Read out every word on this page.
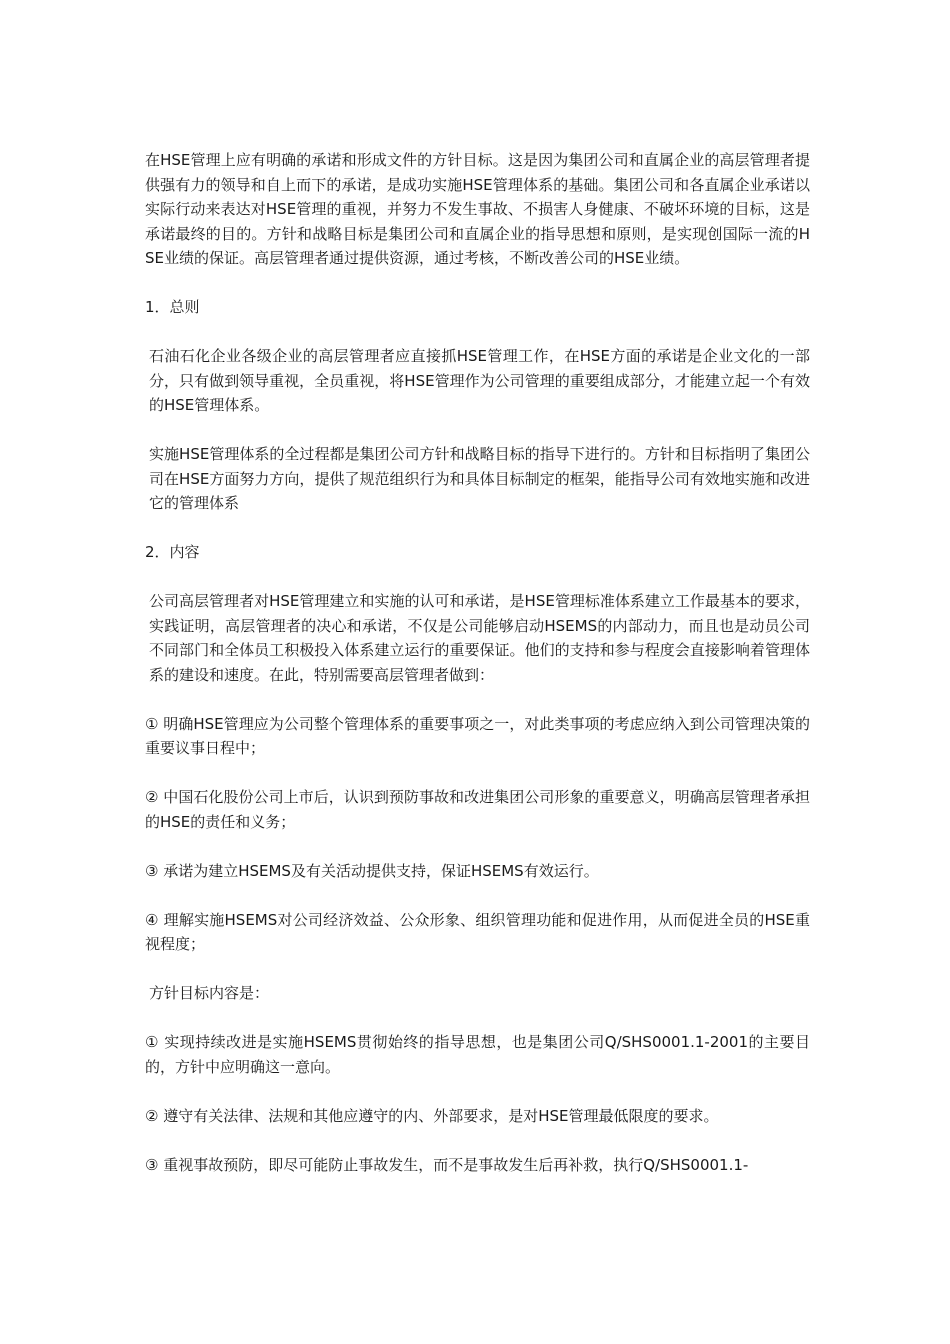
在HSE管理上应有明确的承诺和形成文件的方针目标。这是因为集团公司和直属企业的高层管理者提供强有力的领导和自上而下的承诺，是成功实施HSE管理体系的基础。集团公司和各直属企业承诺以实际行动来表达对HSE管理的重视，并努力不发生事故、不损害人身健康、不破坏环境的目标，这是承诺最终的目的。方针和战略目标是集团公司和直属企业的指导思想和原则，是实现创国际一流的HSE业绩的保证。高层管理者通过提供资源，通过考核，不断改善公司的HSE业绩。

1．总则

石油石化企业各级企业的高层管理者应直接抓HSE管理工作，在HSE方面的承诺是企业文化的一部分，只有做到领导重视，全员重视，将HSE管理作为公司管理的重要组成部分，才能建立起一个有效的HSE管理体系。

实施HSE管理体系的全过程都是集团公司方针和战略目标的指导下进行的。方针和目标指明了集团公司在HSE方面努力方向，提供了规范组织行为和具体目标制定的框架，能指导公司有效地实施和改进它的管理体系

2．内容

公司高层管理者对HSE管理建立和实施的认可和承诺，是HSE管理标准体系建立工作最基本的要求，实践证明，高层管理者的决心和承诺，不仅是公司能够启动HSEMS的内部动力，而且也是动员公司不同部门和全体员工积极投入体系建立运行的重要保证。他们的支持和参与程度会直接影响着管理体系的建设和速度。在此，特别需要高层管理者做到：

① 明确HSE管理应为公司整个管理体系的重要事项之一，对此类事项的考虑应纳入到公司管理决策的重要议事日程中；

② 中国石化股份公司上市后，认识到预防事故和改进集团公司形象的重要意义，明确高层管理者承担的HSE的责任和义务；

③ 承诺为建立HSEMS及有关活动提供支持，保证HSEMS有效运行。

④ 理解实施HSEMS对公司经济效益、公众形象、组织管理功能和促进作用，从而促进全员的HSE重视程度；

方针目标内容是：

① 实现持续改进是实施HSEMS贯彻始终的指导思想，也是集团公司Q/SHS0001.1-2001的主要目的，方针中应明确这一意向。

② 遵守有关法律、法规和其他应遵守的内、外部要求，是对HSE管理最低限度的要求。

③ 重视事故预防，即尽可能防止事故发生，而不是事故发生后再补救，执行Q/SHS0001.1-
